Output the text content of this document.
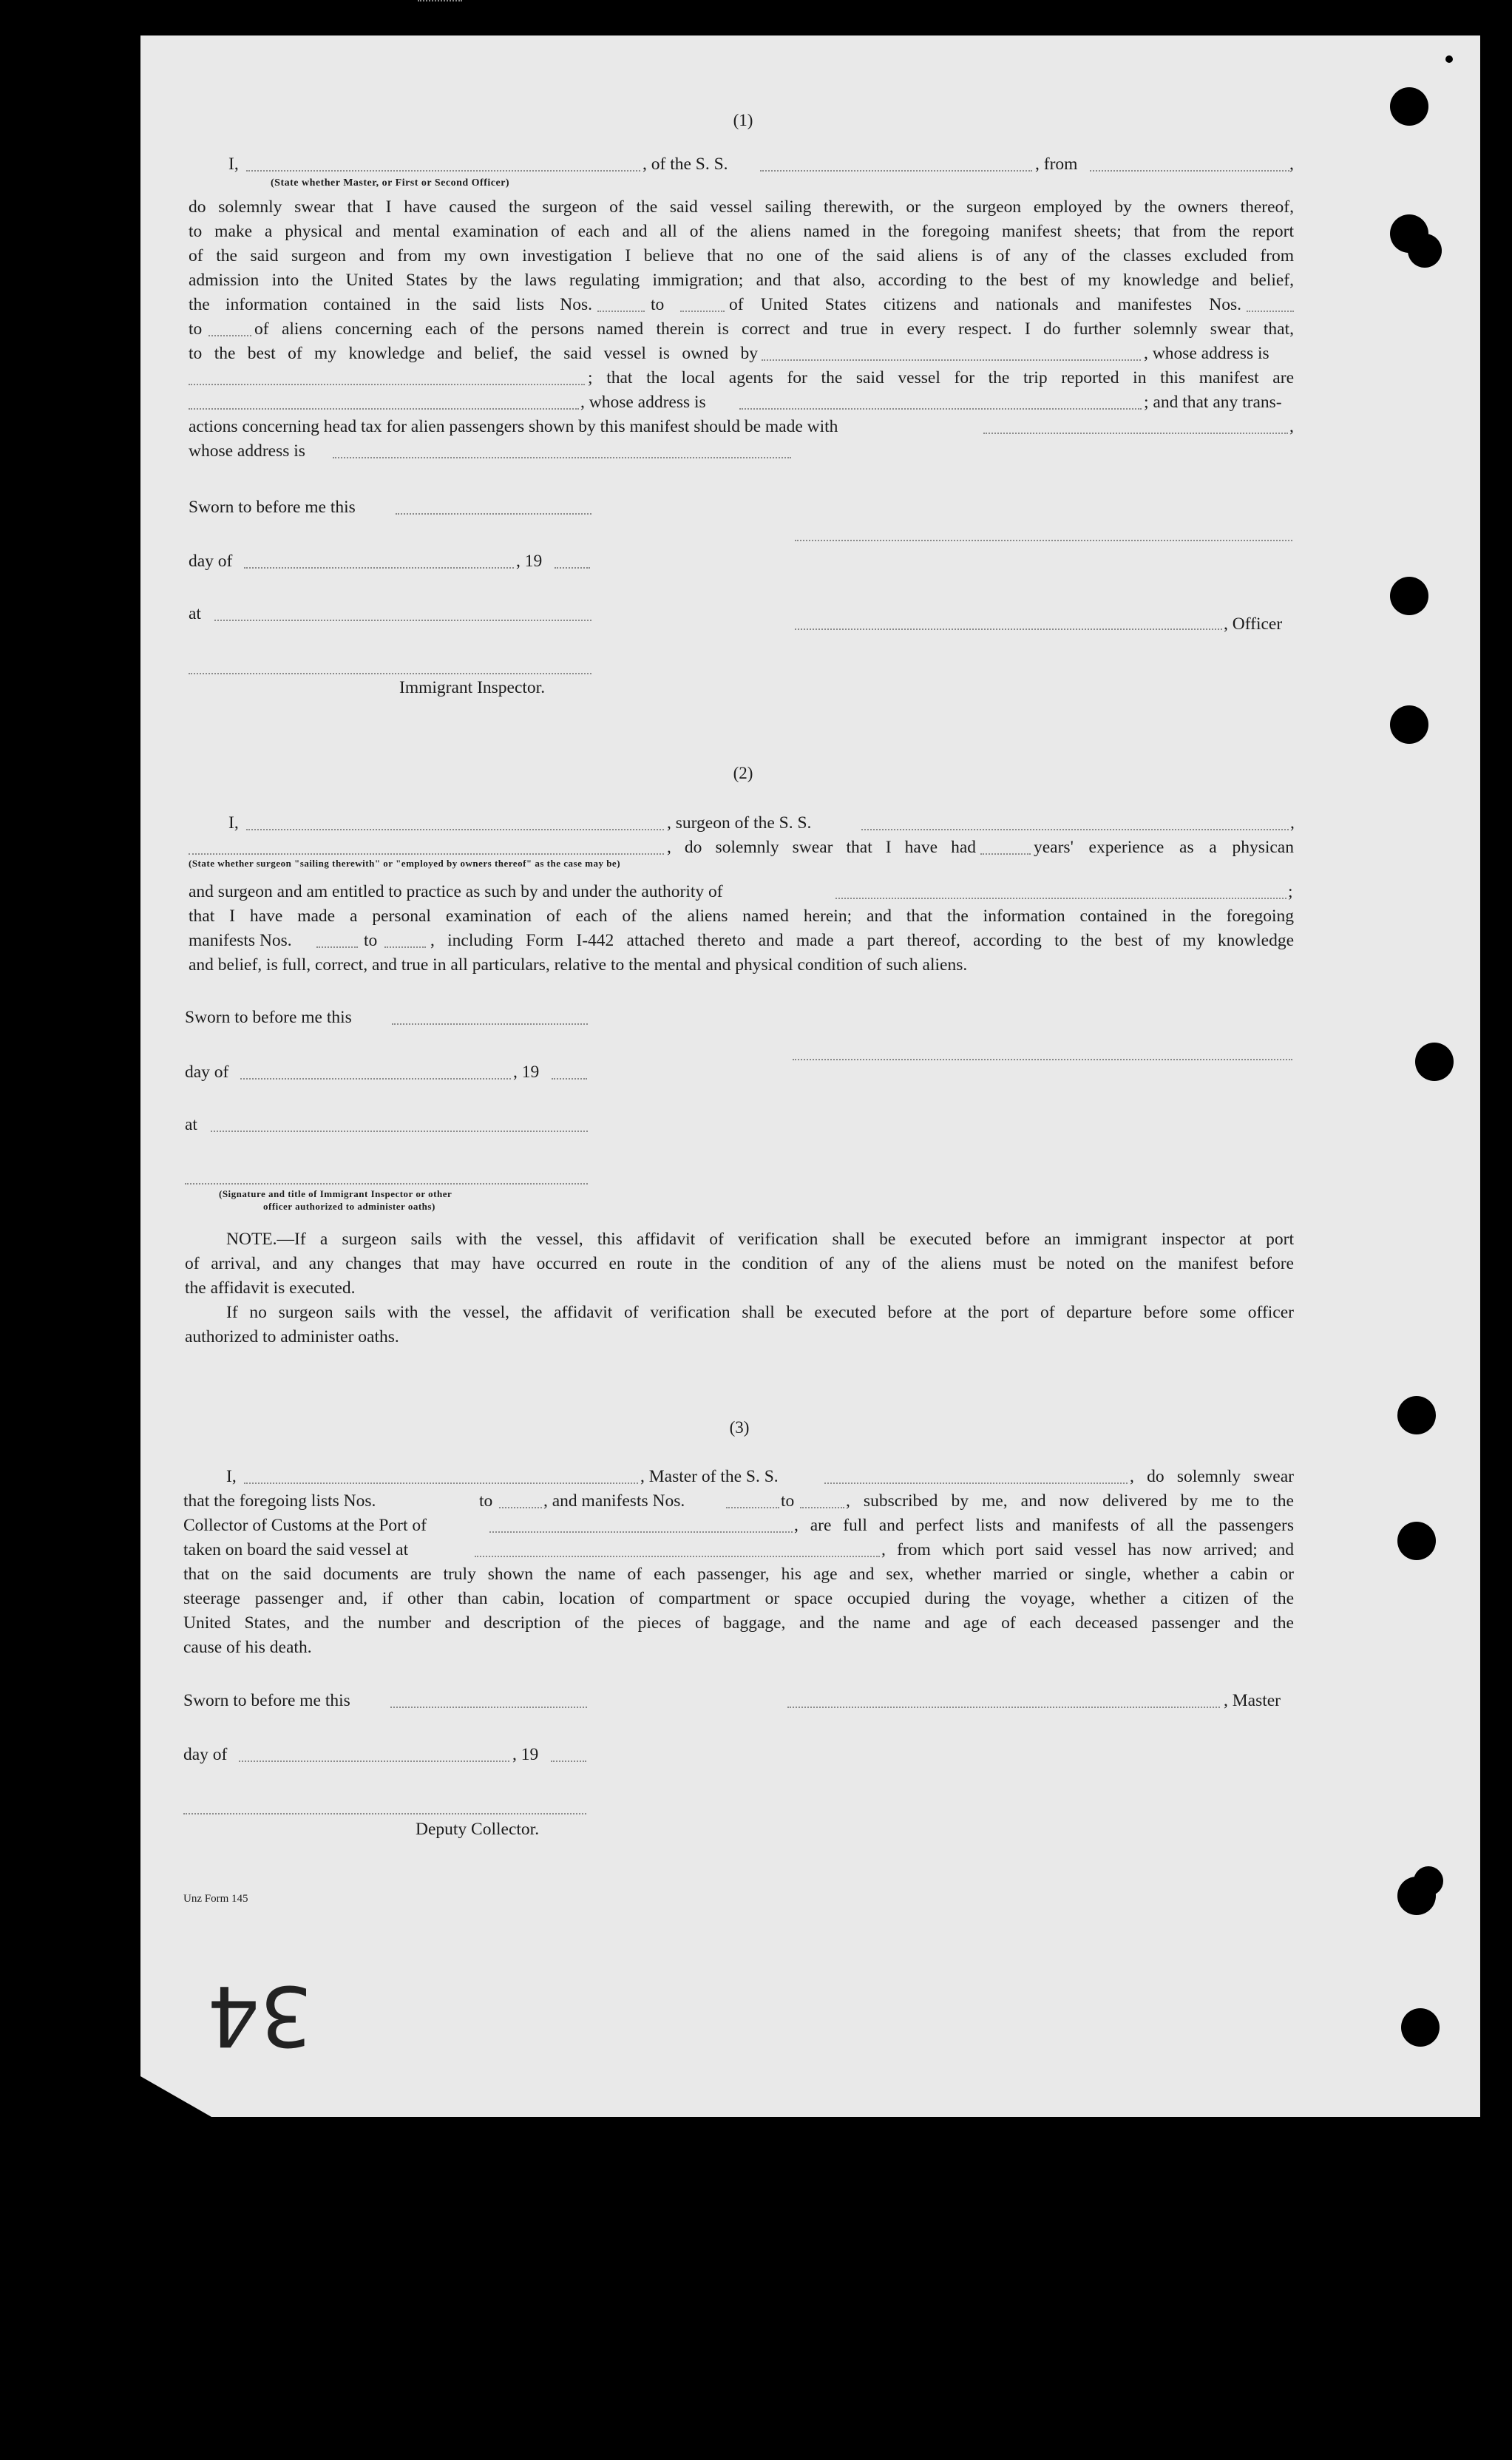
(1)
I,	, of the S. S.	, from	,
(State whether Master, or First or Second Officer)
do solemnly swear that I have caused the surgeon of the said vessel sailing therewith, or the surgeon employed by the owners thereof,
to make a physical and mental examination of each and all of the aliens named in the foregoing manifest sheets; that from the report
of the said surgeon and from my own investigation I believe that no one of the said aliens is of any of the classes excluded from
admission into the United States by the laws regulating immigration; and that also, according to the best of my knowledge and belief,
the information contained in the said lists Nos.	to	of United States citizens and nationals and manifestes Nos.
to	of aliens concerning each of the persons named therein is correct and true in every respect. I do further solemnly swear that,
to the best of my knowledge and belief, the said vessel is owned by	, whose address is
; that the local agents for the said vessel for the trip reported in this manifest are
, whose address is	; and that any trans-
actions concerning head tax for alien passengers shown by this manifest should be made with	,
whose address is
Sworn to before me this
day of	, 19
at
, Officer
Immigrant Inspector.
(2)
I,	, surgeon of the S. S.	,
, do solemnly swear that I have had	years' experience as a physican
(State whether surgeon "sailing therewith" or "employed by owners thereof" as the case may be)
and surgeon and am entitled to practice as such by and under the authority of	;
that I have made a personal examination of each of the aliens named herein; and that the information contained in the foregoing
manifests Nos.	to	, including Form I-442 attached thereto and made a part thereof, according to the best of my knowledge
and belief, is full, correct, and true in all particulars, relative to the mental and physical condition of such aliens.
Sworn to before me this
day of	, 19
at
(Signature and title of Immigrant Inspector or other
officer authorized to administer oaths)
NOTE.—If a surgeon sails with the vessel, this affidavit of verification shall be executed before an immigrant inspector at port
of arrival, and any changes that may have occurred en route in the condition of any of the aliens must be noted on the manifest before
the affidavit is executed.
If no surgeon sails with the vessel, the affidavit of verification shall be executed before at the port of departure before some officer
authorized to administer oaths.
(3)
I,	, Master of the S. S.	, do solemnly swear
that the foregoing lists Nos.	to	, and manifests Nos.	to	, subscribed by me, and now delivered by me to the
Collector of Customs at the Port of	, are full and perfect lists and manifests of all the passengers
taken on board the said vessel at	, from which port said vessel has now arrived; and
that on the said documents are truly shown the name of each passenger, his age and sex, whether married or single, whether a cabin or
steerage passenger and, if other than cabin, location of compartment or space occupied during the voyage, whether a citizen of the
United States, and the number and description of the pieces of baggage, and the name and age of each deceased passenger and the
cause of his death.
Sworn to before me this	, Master
day of	, 19
Deputy Collector.
Unz Form 145
34
